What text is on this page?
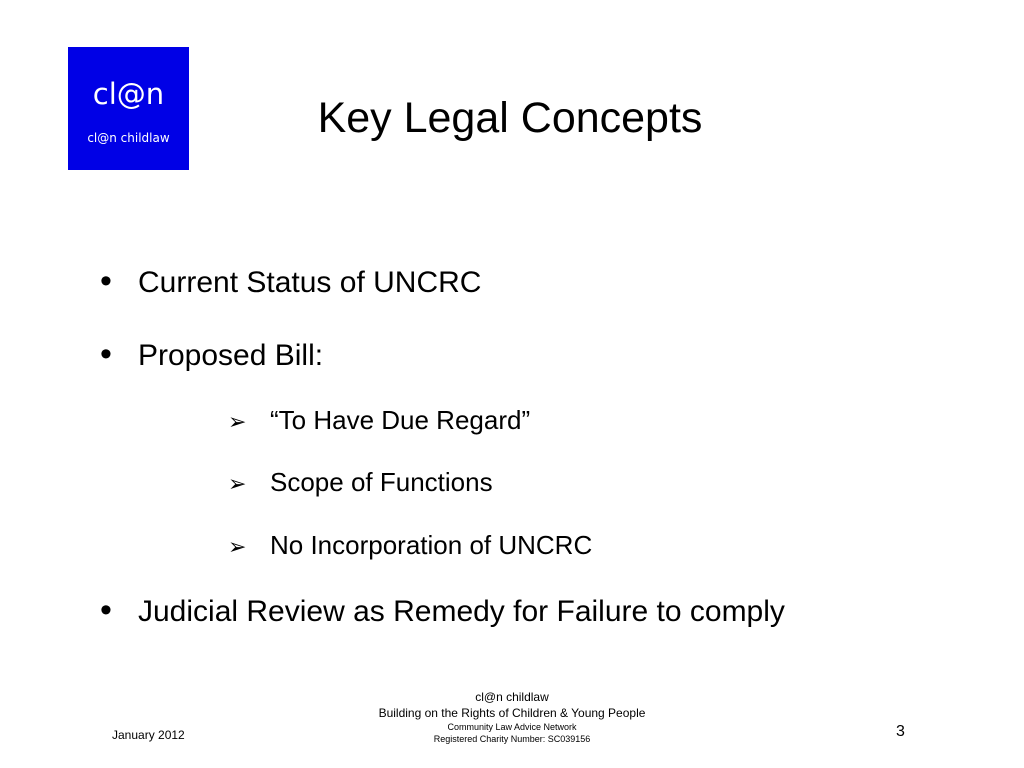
cl@n
cl@n childlaw	Key Legal Concepts
• Current Status of UNCRC
• Proposed Bill:
➢ “To Have Due Regard”
➢ Scope of Functions
➢ No Incorporation of UNCRC
• Judicial Review as Remedy for Failure to comply
cl@n childlaw
Building on the Rights of Children & Young People
Community Law Advice Network
Registered Charity Number: SC039156
January 2012	3
